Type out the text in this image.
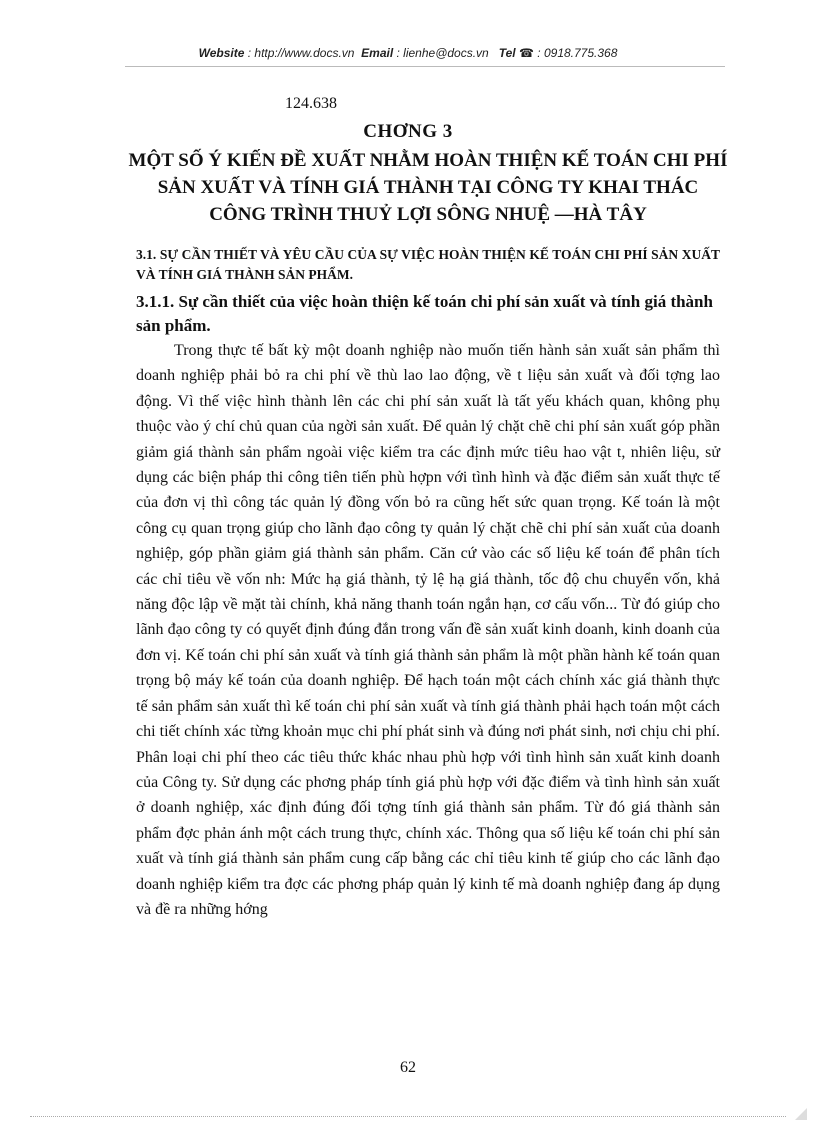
Website : http://www.docs.vn Email : lienhe@docs.vn Tel ☎ : 0918.775.368
124.638
CHƠNG 3
MỘT SỐ Ý KIẾN ĐỀ XUẤT NHẰM HOÀN THIỆN KẾ TOÁN CHI PHÍ SẢN XUẤT VÀ TÍNH GIÁ THÀNH TẠI CÔNG TY KHAI THÁC CÔNG TRÌNH THUỶ LỢI SÔNG NHUỆ —HÀ TÂY
3.1. SỰ CẦN THIẾT VÀ YÊU CẦU CỦA SỰ VIỆC HOÀN THIỆN KẾ TOÁN CHI PHÍ SẢN XUẤT VÀ TÍNH GIÁ THÀNH SẢN PHẨM.
3.1.1. Sự cần thiết của việc hoàn thiện kế toán chi phí sản xuất và tính giá thành sản phẩm.
Trong thực tế bất kỳ một doanh nghiệp nào muốn tiến hành sản xuất sản phẩm thì doanh nghiệp phải bỏ ra chi phí về thù lao lao động, về t liệu sản xuất và đối tợng lao động. Vì thế việc hình thành lên các chi phí sản xuất là tất yếu khách quan, không phụ thuộc vào ý chí chủ quan của ngời sản xuất. Để quản lý chặt chẽ chi phí sản xuất góp phần giảm giá thành sản phẩm ngoài việc kiểm tra các định mức tiêu hao vật t, nhiên liệu, sử dụng các biện pháp thi công tiên tiến phù hợpn với tình hình và đặc điểm sản xuất thực tế của đơn vị thì công tác quản lý đồng vốn bỏ ra cũng hết sức quan trọng. Kế toán là một công cụ quan trọng giúp cho lãnh đạo công ty quản lý chặt chẽ chi phí sản xuất của doanh nghiệp, góp phần giảm giá thành sản phẩm. Căn cứ vào các số liệu kế toán để phân tích các chỉ tiêu về vốn nh: Mức hạ giá thành, tỷ lệ hạ giá thành, tốc độ chu chuyển vốn, khả năng độc lập về mặt tài chính, khả năng thanh toán ngắn hạn, cơ cấu vốn... Từ đó giúp cho lãnh đạo công ty có quyết định đúng đắn trong vấn đề sản xuất kinh doanh, kinh doanh của đơn vị. Kế toán chi phí sản xuất và tính giá thành sản phẩm là một phần hành kế toán quan trọng bộ máy kế toán của doanh nghiệp. Để hạch toán một cách chính xác giá thành thực tế sản phẩm sản xuất thì kế toán chi phí sản xuất và tính giá thành phải hạch toán một cách chi tiết chính xác từng khoản mục chi phí phát sinh và đúng nơi phát sinh, nơi chịu chi phí. Phân loại chi phí theo các tiêu thức khác nhau phù hợp với tình hình sản xuất kinh doanh của Công ty. Sử dụng các phơng pháp tính giá phù hợp với đặc điểm và tình hình sản xuất ở doanh nghiệp, xác định đúng đối tợng tính giá thành sản phẩm. Từ đó giá thành sản phẩm đợc phản ánh một cách trung thực, chính xác. Thông qua số liệu kế toán chi phí sản xuất và tính giá thành sản phẩm cung cấp bằng các chỉ tiêu kinh tế giúp cho các lãnh đạo doanh nghiệp kiểm tra đợc các phơng pháp quản lý kinh tế mà doanh nghiệp đang áp dụng và đề ra những hớng
62
